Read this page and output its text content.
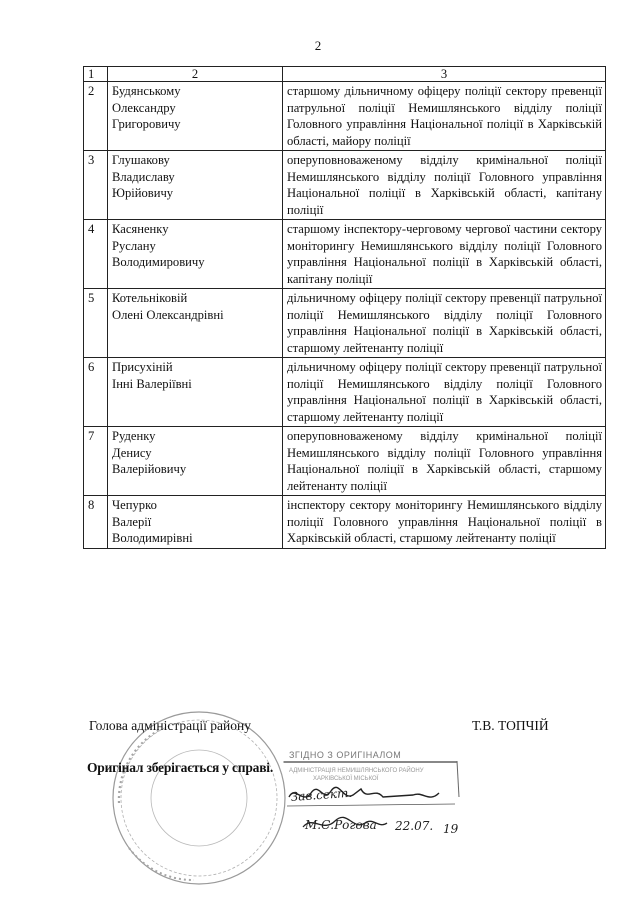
2
1	2	3
2	Будянському
Олександру
Григоровичу	старшому дільничному офіцеру поліції сектору превенції патрульної поліції Немишлянського відділу поліції Головного управління Національної поліції в Харківській області, майору поліції
3	Глушакову
Владиславу
Юрійовичу	оперуповноваженому відділу кримінальної поліції Немишлянського відділу поліції Головного управління Національної поліції в Харківській області, капітану поліції
4	Касяненку
Руслану
Володимировичу	старшому інспектору-черговому чергової частини сектору моніторингу Немишлянського відділу поліції Головного управління Національної поліції в Харківській області, капітану поліції
5	Котельніковій
Олені Олександрівні	дільничному офіцеру поліції сектору превенції патрульної поліції Немишлянського відділу поліції Головного управління Національної поліції в Харківській області, старшому лейтенанту поліції
6	Присухіній
Інні Валеріївні	дільничному офіцеру поліції сектору превенції патрульної поліції Немишлянського відділу поліції Головного управління Національної поліції в Харківській області, старшому лейтенанту поліції
7	Руденку
Денису
Валерійовичу	оперуповноваженому відділу кримінальної поліції Немишлянського відділу поліції Головного управління Національної поліції в Харківській області, старшому лейтенанту поліції
8	Чепурко
Валерії
Володимирівні	інспектору сектору моніторингу Немишлянського відділу поліції Головного управління Національної поліції в Харківській області, старшому лейтенанту поліції
Голова адміністрації району	Т.В. ТОПЧІЙ
Оригінал зберігається у справі.
ЗГІДНО З ОРИГІНАЛОМ
АДМІНІСТРАЦІЯ НЕМИШЛЯНСЬКОГО РАЙОНУ
ХАРКІВСЬКОЇ МІСЬКОЇ
Зав.сект.
М.С.Рогова 22.07. 19
